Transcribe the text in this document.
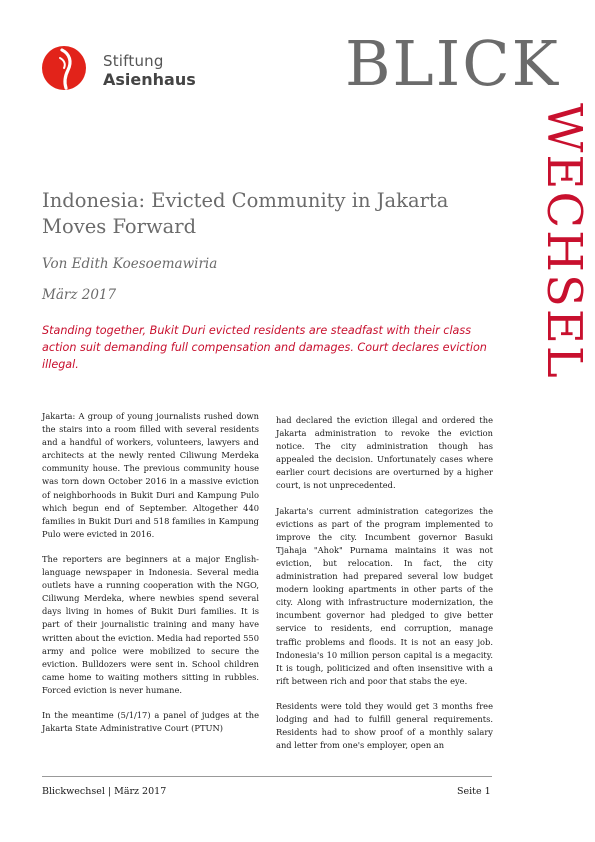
Stiftung
Asienhaus BLICK
WECHSEL
Indonesia: Evicted Community in Jakarta Moves Forward
Von Edith Koesoemawiria
März 2017
Standing together, Bukit Duri evicted residents are steadfast with their class action suit demanding full compensation and damages. Court declares eviction illegal.

Jakarta: A group of young journalists rushed down the stairs into a room filled with several residents and a handful of workers, volunteers, lawyers and architects at the newly rented Ciliwung Merdeka community house. The previous community house was torn down October 2016 in a massive eviction of neighborhoods in Bukit Duri and Kampung Pulo which begun end of September. Altogether 440 families in Bukit Duri and 518 families in Kampung Pulo were evicted in 2016.

The reporters are beginners at a major English-language newspaper in Indonesia. Several media outlets have a running cooperation with the NGO, Ciliwung Merdeka, where newbies spend several days living in homes of Bukit Duri families. It is part of their journalistic training and many have written about the eviction. Media had reported 550 army and police were mobilized to secure the eviction. Bulldozers were sent in. School children came home to waiting mothers sitting in rubbles. Forced eviction is never humane.

In the meantime (5/1/17) a panel of judges at the Jakarta State Administrative Court (PTUN)

had declared the eviction illegal and ordered the Jakarta administration to revoke the eviction notice. The city administration though has appealed the decision. Unfortunately cases where earlier court decisions are overturned by a higher court, is not unprecedented.

Jakarta's current administration categorizes the evictions as part of the program implemented to improve the city. Incumbent governor Basuki Tjahaja "Ahok" Purnama maintains it was not eviction, but relocation. In fact, the city administration had prepared several low budget modern looking apartments in other parts of the city. Along with infrastructure modernization, the incumbent governor had pledged to give better service to residents, end corruption, manage traffic problems and floods. It is not an easy job. Indonesia's 10 million person capital is a megacity. It is tough, politicized and often insensitive with a rift between rich and poor that stabs the eye.

Residents were told they would get 3 months free lodging and had to fulfill general requirements. Residents had to show proof of a monthly salary and letter from one's employer, open an

Blickwechsel | März 2017	Seite 1
